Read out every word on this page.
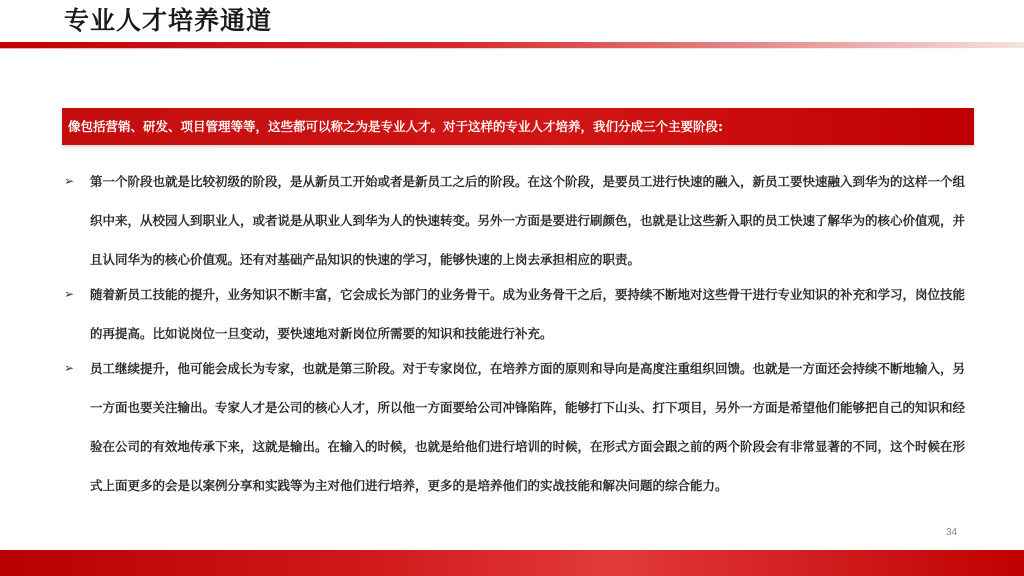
专业人才培养通道
像包括营销、研发、项目管理等等，这些都可以称之为是专业人才。对于这样的专业人才培养，我们分成三个主要阶段:
➢ 第一个阶段也就是比较初级的阶段，是从新员工开始或者是新员工之后的阶段。在这个阶段，是要员工进行快速的融入，新员工要快速融入到华为的这样一个组织中来，从校园人到职业人，或者说是从职业人到华为人的快速转变。另外一方面是要进行刷颜色，也就是让这些新入职的员工快速了解华为的核心价值观，并且认同华为的核心价值观。还有对基础产品知识的快速的学习，能够快速的上岗去承担相应的职责。
➢ 随着新员工技能的提升，业务知识不断丰富，它会成长为部门的业务骨干。成为业务骨干之后，要持续不断地对这些骨干进行专业知识的补充和学习，岗位技能的再提高。比如说岗位一旦变动，要快速地对新岗位所需要的知识和技能进行补充。
➢ 员工继续提升，他可能会成长为专家，也就是第三阶段。对于专家岗位，在培养方面的原则和导向是高度注重组织回馈。也就是一方面还会持续不断地输入，另一方面也要关注输出。专家人才是公司的核心人才，所以他一方面要给公司冲锋陷阵，能够打下山头、打下项目，另外一方面是希望他们能够把自己的知识和经验在公司的有效地传承下来，这就是输出。在输入的时候，也就是给他们进行培训的时候，在形式方面会跟之前的两个阶段会有非常显著的不同，这个时候在形式上面更多的会是以案例分享和实践等为主对他们进行培养，更多的是培养他们的实战技能和解决问题的综合能力。
34
